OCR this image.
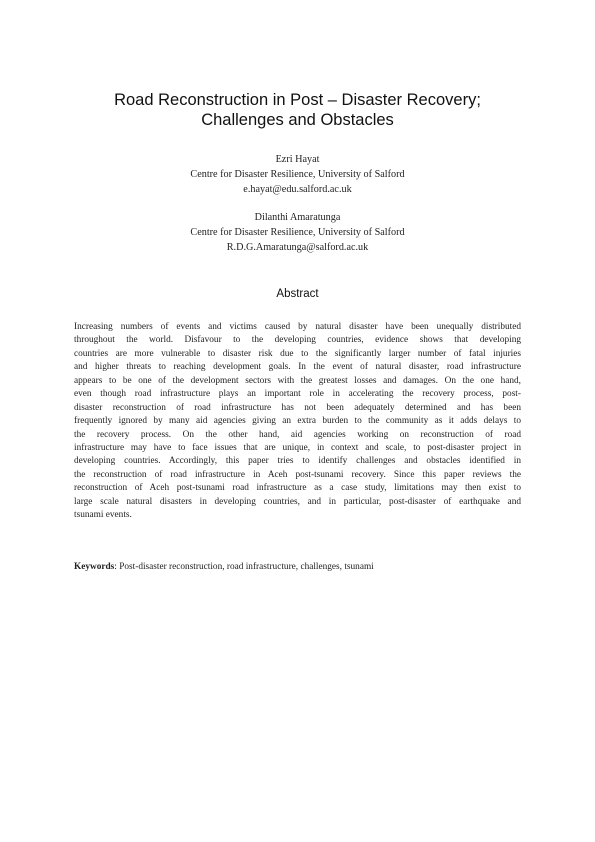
Road Reconstruction in Post – Disaster Recovery;
Challenges and Obstacles
Ezri Hayat
Centre for Disaster Resilience, University of Salford
e.hayat@edu.salford.ac.uk
Dilanthi Amaratunga
Centre for Disaster Resilience, University of Salford
R.D.G.Amaratunga@salford.ac.uk
Abstract
Increasing numbers of events and victims caused by natural disaster have been unequally distributed
throughout the world. Disfavour to the developing countries, evidence shows that developing
countries are more vulnerable to disaster risk due to the significantly larger number of fatal injuries
and higher threats to reaching development goals. In the event of natural disaster, road infrastructure
appears to be one of the development sectors with the greatest losses and damages. On the one hand,
even though road infrastructure plays an important role in accelerating the recovery process, post-
disaster reconstruction of road infrastructure has not been adequately determined and has been
frequently ignored by many aid agencies giving an extra burden to the community as it adds delays to
the recovery process. On the other hand, aid agencies working on reconstruction of road
infrastructure may have to face issues that are unique, in context and scale, to post-disaster project in
developing countries. Accordingly, this paper tries to identify challenges and obstacles identified in
the reconstruction of road infrastructure in Aceh post-tsunami recovery. Since this paper reviews the
reconstruction of Aceh post-tsunami road infrastructure as a case study, limitations may then exist to
large scale natural disasters in developing countries, and in particular, post-disaster of earthquake and
tsunami events.
Keywords: Post-disaster reconstruction, road infrastructure, challenges, tsunami
